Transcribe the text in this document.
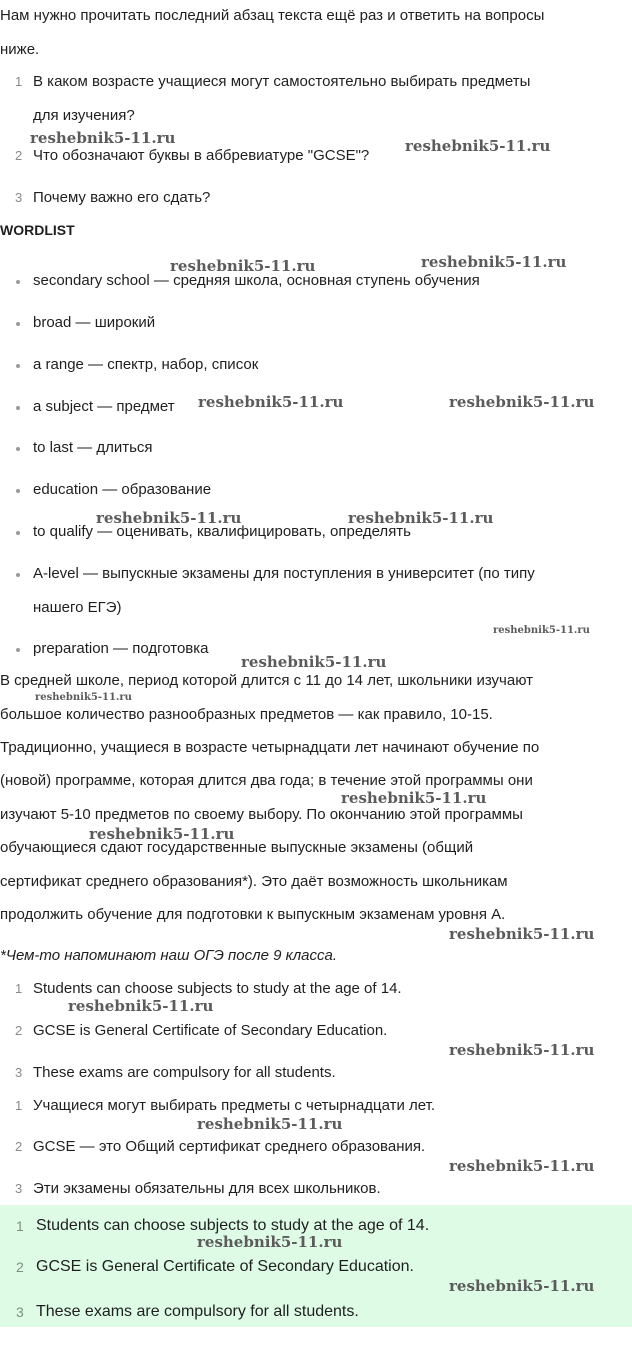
Нам нужно прочитать последний абзац текста ещё раз и ответить на вопросы
ниже.
1 В каком возрасте учащиеся могут самостоятельно выбирать предметы
для изучения?
2 Что обозначают буквы в аббревиатуре "GCSE"?
3 Почему важно его сдать?
WORDLIST
secondary school — средняя школа, основная ступень обучения
broad — широкий
a range — спектр, набор, список
a subject — предмет
to last — длиться
education — образование
to qualify — оценивать, квалифицировать, определять
A-level — выпускные экзамены для поступления в университет (по типу
нашего ЕГЭ)
preparation — подготовка
В средней школе, период которой длится с 11 до 14 лет, школьники изучают
большое количество разнообразных предметов — как правило, 10-15.
Традиционно, учащиеся в возрасте четырнадцати лет начинают обучение по
(новой) программе, которая длится два года; в течение этой программы они
изучают 5-10 предметов по своему выбору. По окончанию этой программы
обучающиеся сдают государственные выпускные экзамены (общий
сертификат среднего образования*). Это даёт возможность школьникам
продолжить обучение для подготовки к выпускным экзаменам уровня А.
*Чем-то напоминают наш ОГЭ после 9 класса.
1 Students can choose subjects to study at the age of 14.
2 GCSE is General Certificate of Secondary Education.
3 These exams are compulsory for all students.
1 Учащиеся могут выбирать предметы с четырнадцати лет.
2 GCSE — это Общий сертификат среднего образования.
3 Эти экзамены обязательны для всех школьников.
1 Students can choose subjects to study at the age of 14.
2 GCSE is General Certificate of Secondary Education.
3 These exams are compulsory for all students.
reshebnik5-11.ru	reshebnik5-11.ru
reshebnik5-11.ru	reshebnik5-11.ru
reshebnik5-11.ru	reshebnik5-11.ru
reshebnik5-11.ru	reshebnik5-11.ru
reshebnik5-11.ru
reshebnik5-11.ru
reshebnik5-11.ru
reshebnik5-11.ru
reshebnik5-11.ru
reshebnik5-11.ru
reshebnik5-11.ru
reshebnik5-11.ru
reshebnik5-11.ru
reshebnik5-11.ru
reshebnik5-11.ru
reshebnik5-11.ru
